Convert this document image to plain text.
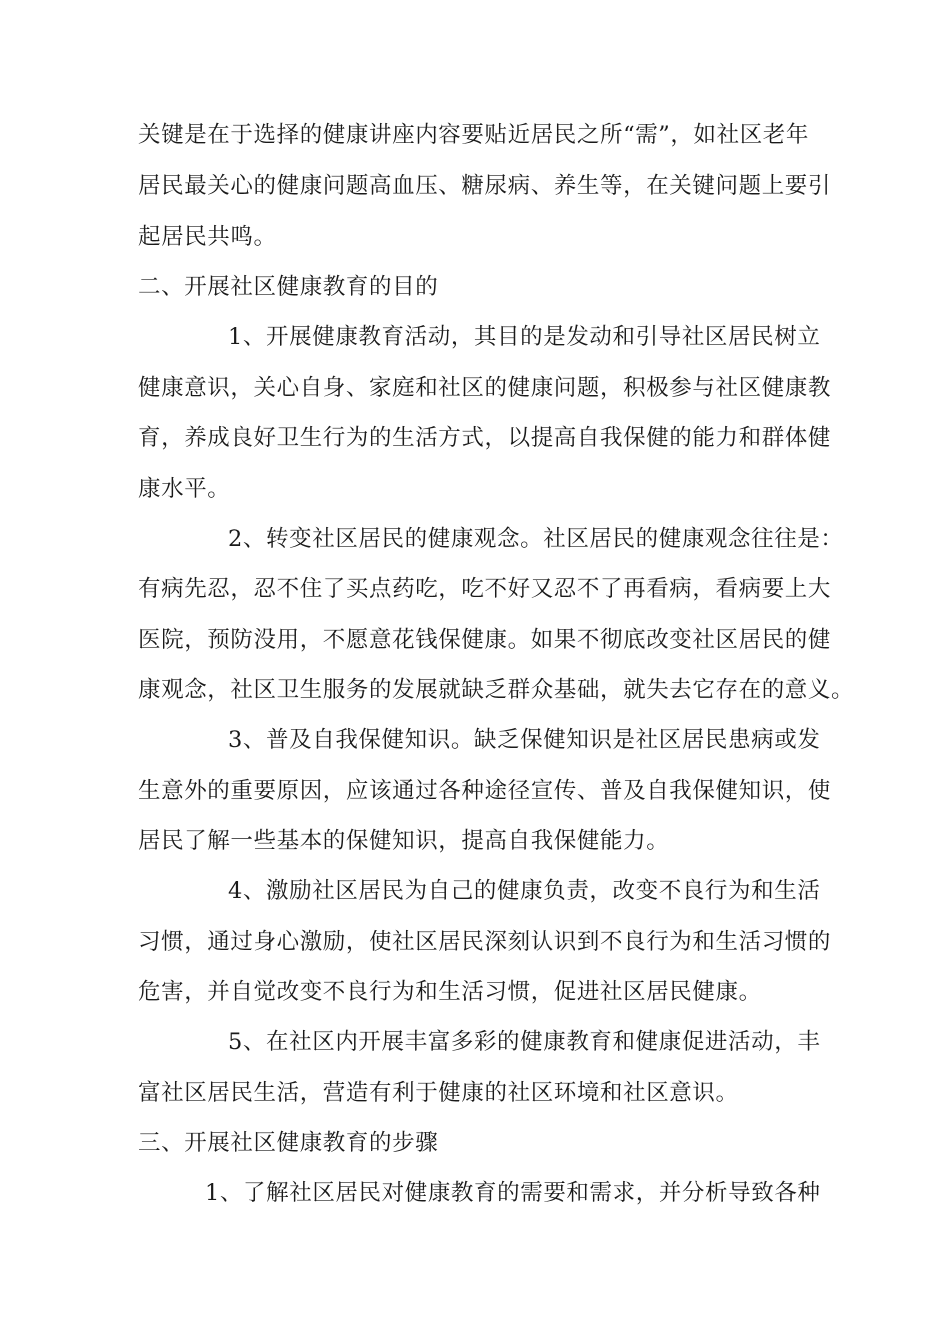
关键是在于选择的健康讲座内容要贴近居民之所“需”，如社区老年

居民最关心的健康问题高血压、糖尿病、养生等，在关键问题上要引

起居民共鸣。

二、开展社区健康教育的目的

1、开展健康教育活动，其目的是发动和引导社区居民树立

健康意识，关心自身、家庭和社区的健康问题，积极参与社区健康教

育，养成良好卫生行为的生活方式，以提高自我保健的能力和群体健

康水平。

2、转变社区居民的健康观念。社区居民的健康观念往往是：

有病先忍，忍不住了买点药吃，吃不好又忍不了再看病，看病要上大

医院，预防没用，不愿意花钱保健康。如果不彻底改变社区居民的健

康观念，社区卫生服务的发展就缺乏群众基础，就失去它存在的意义。

3、普及自我保健知识。缺乏保健知识是社区居民患病或发

生意外的重要原因，应该通过各种途径宣传、普及自我保健知识，使

居民了解一些基本的保健知识，提高自我保健能力。

4、激励社区居民为自己的健康负责，改变不良行为和生活

习惯，通过身心激励，使社区居民深刻认识到不良行为和生活习惯的

危害，并自觉改变不良行为和生活习惯，促进社区居民健康。

5、在社区内开展丰富多彩的健康教育和健康促进活动，丰

富社区居民生活，营造有利于健康的社区环境和社区意识。

三、开展社区健康教育的步骤

1、了解社区居民对健康教育的需要和需求，并分析导致各种
